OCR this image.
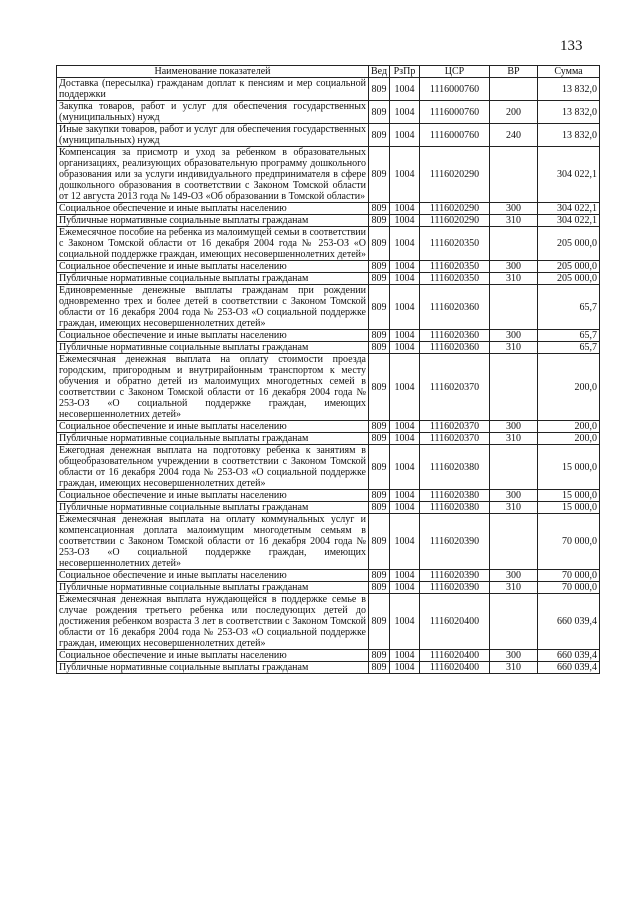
133
Наименование показателей	Вед	РзПр	ЦСР	ВР	Сумма
Доставка (пересылка) гражданам доплат к пенсиям и мер социальной поддержки	809	1004	1116000760		13 832,0
Закупка товаров, работ и услуг для обеспечения государственных (муниципальных) нужд	809	1004	1116000760	200	13 832,0
Иные закупки товаров, работ и услуг для обеспечения государственных (муниципальных) нужд	809	1004	1116000760	240	13 832,0
Компенсация за присмотр и уход за ребенком в образовательных организациях, реализующих образовательную программу дошкольного образования или за услуги индивидуального предпринимателя в сфере дошкольного образования в соответствии с Законом Томской области от 12 августа 2013 года № 149-ОЗ «Об образовании в Томской области»	809	1004	1116020290		304 022,1
Социальное обеспечение и иные выплаты населению	809	1004	1116020290	300	304 022,1
Публичные нормативные социальные выплаты гражданам	809	1004	1116020290	310	304 022,1
Ежемесячное пособие на ребенка из малоимущей семьи в соответствии с Законом Томской области от 16 декабря 2004 года № 253-ОЗ «О социальной поддержке граждан, имеющих несовершеннолетних детей»	809	1004	1116020350		205 000,0
Социальное обеспечение и иные выплаты населению	809	1004	1116020350	300	205 000,0
Публичные нормативные социальные выплаты гражданам	809	1004	1116020350	310	205 000,0
Единовременные денежные выплаты гражданам при рождении одновременно трех и более детей в соответствии с Законом Томской области от 16 декабря 2004 года № 253-ОЗ «О социальной поддержке граждан, имеющих несовершеннолетних детей»	809	1004	1116020360		65,7
Социальное обеспечение и иные выплаты населению	809	1004	1116020360	300	65,7
Публичные нормативные социальные выплаты гражданам	809	1004	1116020360	310	65,7
Ежемесячная денежная выплата на оплату стоимости проезда городским, пригородным и внутрирайонным транспортом к месту обучения и обратно детей из малоимущих многодетных семей в соответствии с Законом Томской области от 16 декабря 2004 года № 253-ОЗ «О социальной поддержке граждан, имеющих несовершеннолетних детей»	809	1004	1116020370		200,0
Социальное обеспечение и иные выплаты населению	809	1004	1116020370	300	200,0
Публичные нормативные социальные выплаты гражданам	809	1004	1116020370	310	200,0
Ежегодная денежная выплата на подготовку ребенка к занятиям в общеобразовательном учреждении в соответствии с Законом Томской области от 16 декабря 2004 года № 253-ОЗ «О социальной поддержке граждан, имеющих несовершеннолетних детей»	809	1004	1116020380		15 000,0
Социальное обеспечение и иные выплаты населению	809	1004	1116020380	300	15 000,0
Публичные нормативные социальные выплаты гражданам	809	1004	1116020380	310	15 000,0
Ежемесячная денежная выплата на оплату коммунальных услуг и компенсационная доплата малоимущим многодетным семьям в соответствии с Законом Томской области от 16 декабря 2004 года № 253-ОЗ «О социальной поддержке граждан, имеющих несовершеннолетних детей»	809	1004	1116020390		70 000,0
Социальное обеспечение и иные выплаты населению	809	1004	1116020390	300	70 000,0
Публичные нормативные социальные выплаты гражданам	809	1004	1116020390	310	70 000,0
Ежемесячная денежная выплата нуждающейся в поддержке семье в случае рождения третьего ребенка или последующих детей до достижения ребенком возраста 3 лет в соответствии с Законом Томской области от 16 декабря 2004 года № 253-ОЗ «О социальной поддержке граждан, имеющих несовершеннолетних детей»	809	1004	1116020400		660 039,4
Социальное обеспечение и иные выплаты населению	809	1004	1116020400	300	660 039,4
Публичные нормативные социальные выплаты гражданам	809	1004	1116020400	310	660 039,4
